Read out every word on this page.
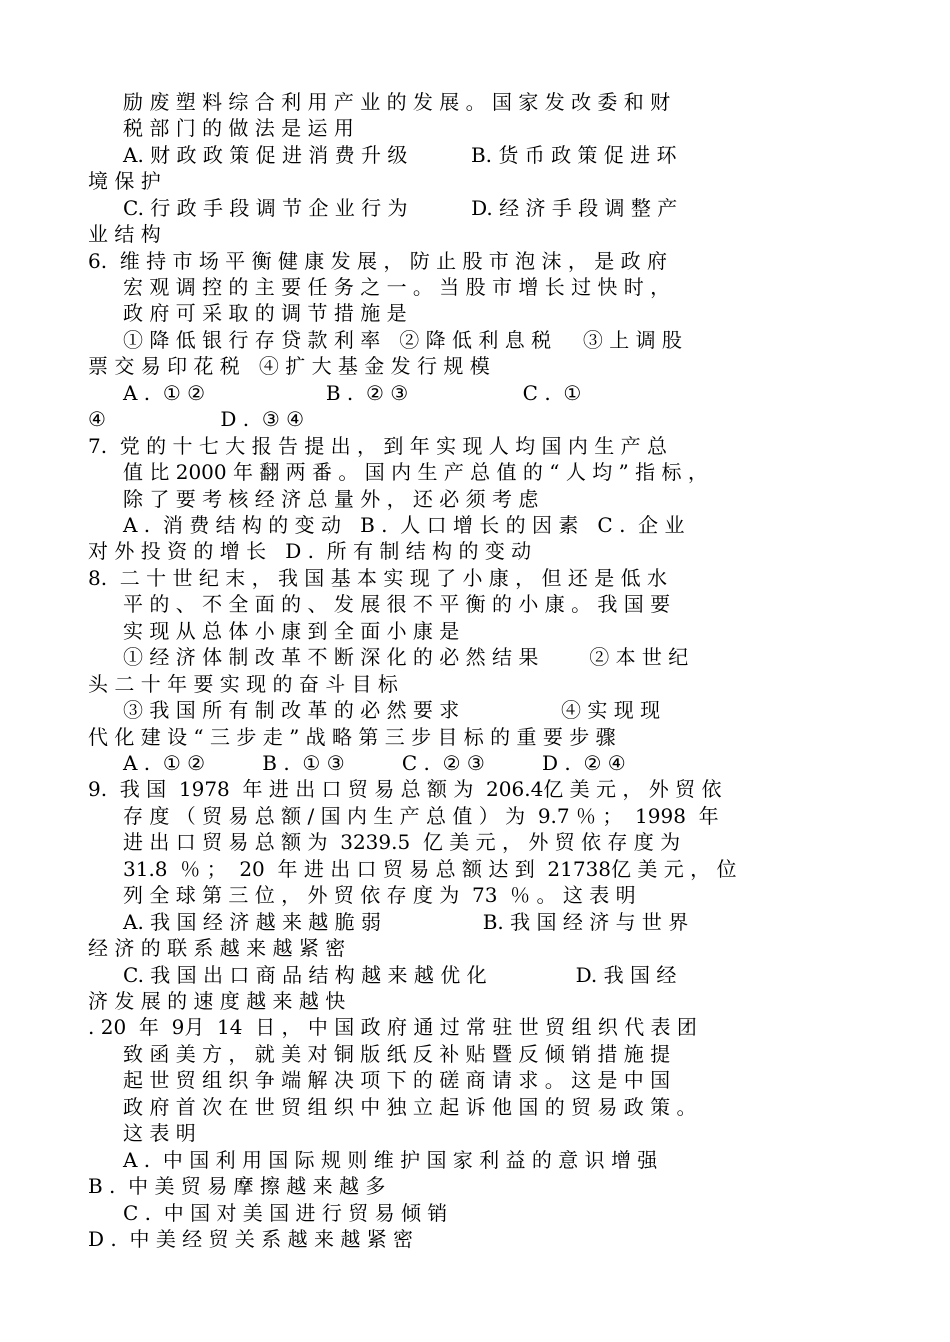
励 废 塑 料 综 合 利 用 产 业 的 发 展 。 国 家 发 改 委 和 财
税 部 门 的 做 法 是 运 用
A. 财 政 政 策 促 进 消 费 升 级          B. 货 币 政 策 促 进 环
境 保 护
C. 行 政 手 段 调 节 企 业 行 为          D. 经 济 手 段 调 整 产
业 结 构
6.  维 持 市 场 平 衡 健 康 发 展 ， 防 止 股 市 泡 沫 ， 是 政 府
宏 观 调 控 的 主 要 任 务 之 一 。 当 股 市 增 长 过 快 时 ，
政 府 可 采 取 的 调 节 措 施 是
① 降 低 银 行 存 贷 款 利 率   ② 降 低 利 息 税     ③ 上 调 股
票 交 易 印 花 税   ④ 扩 大 基 金 发 行 规 模
A .  ① ②                   B .  ② ③                  C .  ①
④                  D .  ③ ④
7.  党 的 十 七 大 报 告 提 出 ， 到 年 实 现 人 均 国 内 生 产 总
值 比 2000 年 翻 两 番 。 国 内 生 产 总 值 的 “ 人 均 ” 指 标 ，
除 了 要 考 核 经 济 总 量 外 ， 还 必 须 考 虑
A .  消 费 结 构 的 变 动   B .  人 口 增 长 的 因 素   C .  企 业
对 外 投 资 的 增 长   D .  所 有 制 结 构 的 变 动
8.  二 十 世 纪 末 ， 我 国 基 本 实 现 了 小 康 ， 但 还 是 低 水
平 的 、 不 全 面 的 、 发 展 很 不 平 衡 的 小 康 。 我 国 要
实 现 从 总 体 小 康 到 全 面 小 康 是
① 经 济 体 制 改 革 不 断 深 化 的 必 然 结 果        ② 本 世 纪
头 二 十 年 要 实 现 的 奋 斗 目 标
③ 我 国 所 有 制 改 革 的 必 然 要 求                ④ 实 现 现
代 化 建 设 “ 三 步 走 ” 战 略 第 三 步 目 标 的 重 要 步 骤
A .  ① ②         B .  ① ③         C .  ② ③         D .  ② ④
9.  我 国  1978  年 进 出 口 贸 易 总 额 为  206.4亿 美 元 ， 外 贸 依
存 度 （ 贸 易 总 额 / 国 内 生 产 总 值 ） 为  9.7 ％ ；  1998  年
进 出 口 贸 易 总 额 为  3239.5  亿 美 元 ， 外 贸 依 存 度 为
31.8  ％ ；  20  年 进 出 口 贸 易 总 额 达 到  21738亿 美 元 ， 位
列 全 球 第 三 位 ， 外 贸 依 存 度 为  73  ％ 。 这 表 明
A. 我 国 经 济 越 来 越 脆 弱                B. 我 国 经 济 与 世 界
经 济 的 联 系 越 来 越 紧 密
C. 我 国 出 口 商 品 结 构 越 来 越 优 化              D. 我 国 经
济 发 展 的 速 度 越 来 越 快
. 20  年  9月  14  日 ， 中 国 政 府 通 过 常 驻 世 贸 组 织 代 表 团
致 函 美 方 ， 就 美 对 铜 版 纸 反 补 贴 暨 反 倾 销 措 施 提
起 世 贸 组 织 争 端 解 决 项 下 的 磋 商 请 求 。 这 是 中 国
政 府 首 次 在 世 贸 组 织 中 独 立 起 诉 他 国 的 贸 易 政 策 。
这 表 明
A .  中 国 利 用 国 际 规 则 维 护 国 家 利 益 的 意 识 增 强
B .  中 美 贸 易 摩 擦 越 来 越 多
C .  中 国 对 美 国 进 行 贸 易 倾 销
D .  中 美 经 贸 关 系 越 来 越 紧 密
